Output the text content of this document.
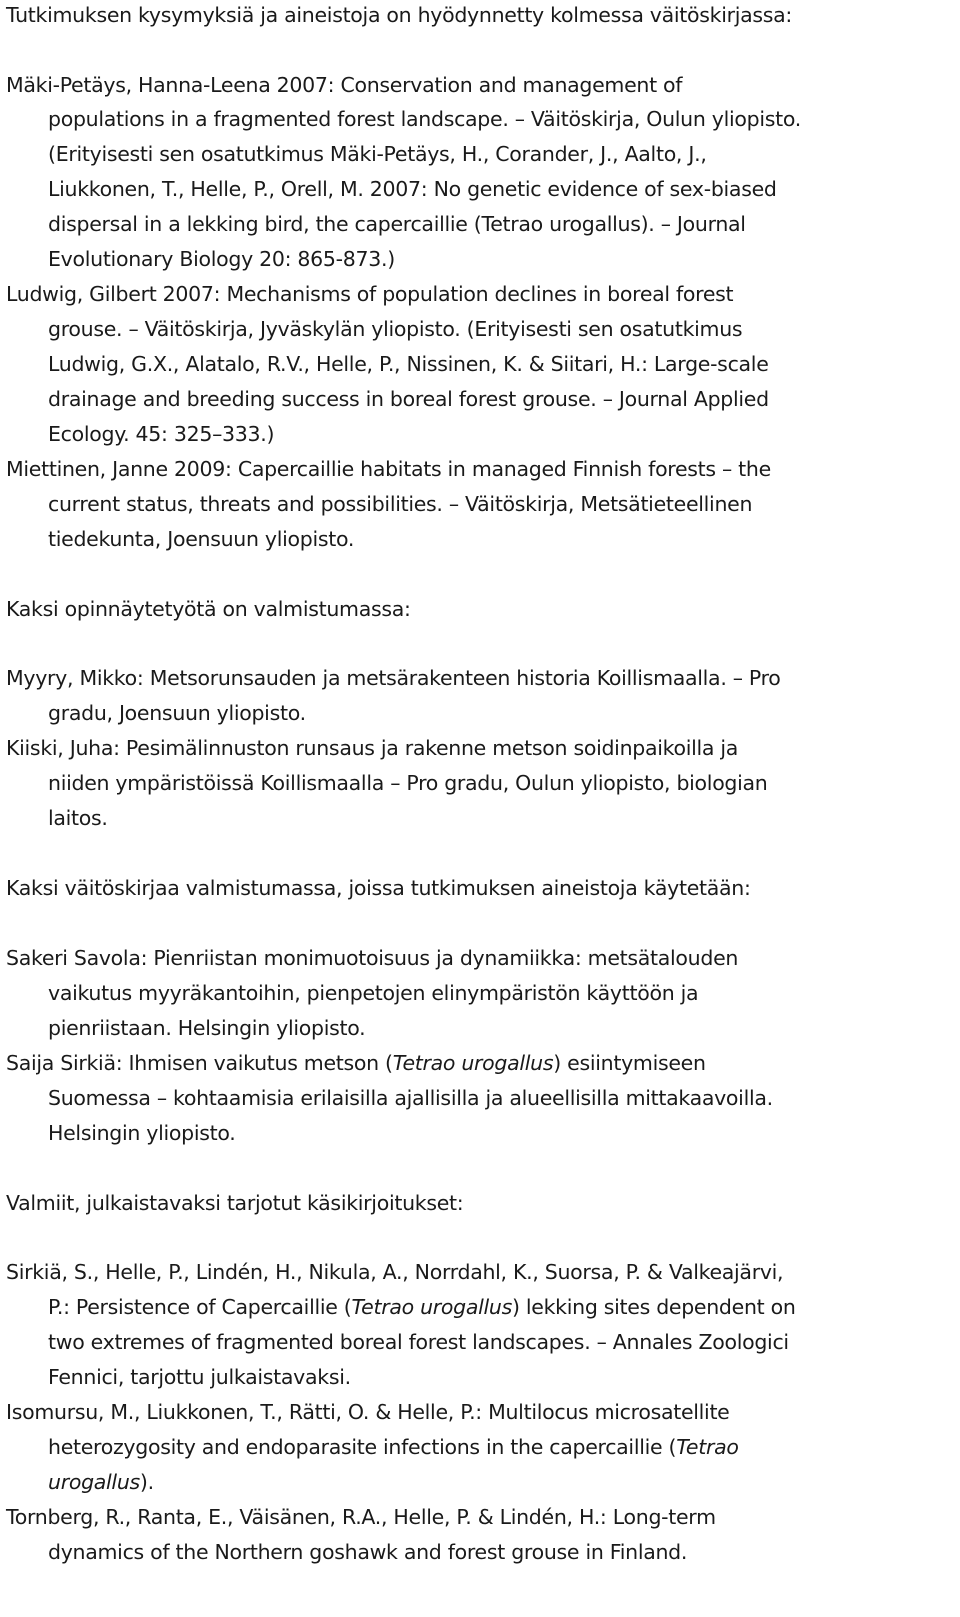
Tutkimuksen kysymyksiä ja aineistoja on hyödynnetty kolmessa väitöskirjassa:
Mäki-Petäys, Hanna-Leena 2007: Conservation and management of
populations in a fragmented forest landscape. – Väitöskirja, Oulun yliopisto.
(Erityisesti sen osatutkimus Mäki-Petäys, H., Corander, J., Aalto, J.,
Liukkonen, T., Helle, P., Orell, M. 2007: No genetic evidence of sex-biased
dispersal in a lekking bird, the capercaillie (Tetrao urogallus). – Journal
Evolutionary Biology 20: 865-873.)
Ludwig, Gilbert 2007: Mechanisms of population declines in boreal forest
grouse. – Väitöskirja, Jyväskylän yliopisto. (Erityisesti sen osatutkimus
Ludwig, G.X., Alatalo, R.V., Helle, P., Nissinen, K. & Siitari, H.: Large-scale
drainage and breeding success in boreal forest grouse. – Journal Applied
Ecology. 45: 325–333.)
Miettinen, Janne 2009: Capercaillie habitats in managed Finnish forests – the
current status, threats and possibilities. – Väitöskirja, Metsätieteellinen
tiedekunta, Joensuun yliopisto.
Kaksi opinnäytetyötä on valmistumassa:
Myyry, Mikko: Metsorunsauden ja metsärakenteen historia Koillismaalla. – Pro
gradu, Joensuun yliopisto.
Kiiski, Juha: Pesimälinnuston runsaus ja rakenne metson soidinpaikoilla ja
niiden ympäristöissä Koillismaalla – Pro gradu, Oulun yliopisto, biologian
laitos.
Kaksi väitöskirjaa valmistumassa, joissa tutkimuksen aineistoja käytetään:
Sakeri Savola: Pienriistan monimuotoisuus ja dynamiikka: metsätalouden
vaikutus myyräkantoihin, pienpetojen elinympäristön käyttöön ja
pienriistaan. Helsingin yliopisto.
Saija Sirkiä: Ihmisen vaikutus metson (Tetrao urogallus) esiintymiseen
Suomessa – kohtaamisia erilaisilla ajallisilla ja alueellisilla mittakaavoilla.
Helsingin yliopisto.
Valmiit, julkaistavaksi tarjotut käsikirjoitukset:
Sirkiä, S., Helle, P., Lindén, H., Nikula, A., Norrdahl, K., Suorsa, P. & Valkeajärvi,
P.: Persistence of Capercaillie (Tetrao urogallus) lekking sites dependent on
two extremes of fragmented boreal forest landscapes. – Annales Zoologici
Fennici, tarjottu julkaistavaksi.
Isomursu, M., Liukkonen, T., Rätti, O. & Helle, P.: Multilocus microsatellite
heterozygosity and endoparasite infections in the capercaillie (Tetrao
urogallus).
Tornberg, R., Ranta, E., Väisänen, R.A., Helle, P. & Lindén, H.: Long-term
dynamics of the Northern goshawk and forest grouse in Finland.
